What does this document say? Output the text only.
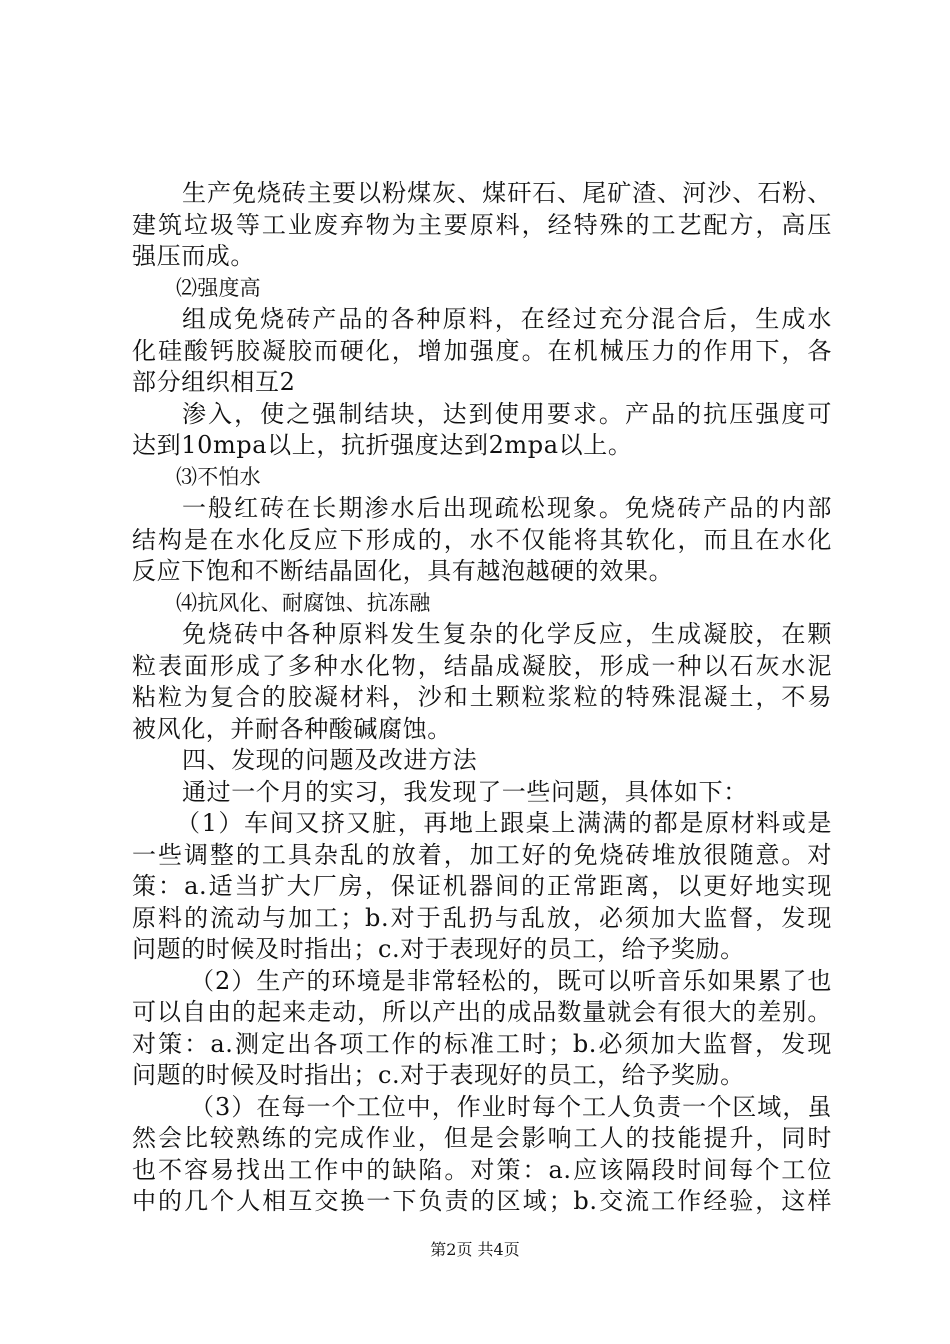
生产免烧砖主要以粉煤灰、煤矸石、尾矿渣、河沙、石粉、
建筑垃圾等工业废弃物为主要原料，经特殊的工艺配方，高压
强压而成。
⑵强度高
组成免烧砖产品的各种原料，在经过充分混合后，生成水
化硅酸钙胶凝胶而硬化，增加强度。在机械压力的作用下，各
部分组织相互2
渗入，使之强制结块，达到使用要求。产品的抗压强度可
达到10mpa以上，抗折强度达到2mpa以上。
⑶不怕水
一般红砖在长期渗水后出现疏松现象。免烧砖产品的内部
结构是在水化反应下形成的，水不仅能将其软化，而且在水化
反应下饱和不断结晶固化，具有越泡越硬的效果。
⑷抗风化、耐腐蚀、抗冻融
免烧砖中各种原料发生复杂的化学反应，生成凝胶，在颗
粒表面形成了多种水化物，结晶成凝胶，形成一种以石灰水泥
粘粒为复合的胶凝材料，沙和土颗粒浆粒的特殊混凝土，不易
被风化，并耐各种酸碱腐蚀。
四、发现的问题及改进方法
通过一个月的实习，我发现了一些问题，具体如下：
（1）车间又挤又脏，再地上跟桌上满满的都是原材料或是
一些调整的工具杂乱的放着，加工好的免烧砖堆放很随意。对
策：a.适当扩大厂房，保证机器间的正常距离，以更好地实现
原料的流动与加工；b.对于乱扔与乱放，必须加大监督，发现
问题的时候及时指出；c.对于表现好的员工，给予奖励。
（2）生产的环境是非常轻松的，既可以听音乐如果累了也
可以自由的起来走动，所以产出的成品数量就会有很大的差别。
对策：a.测定出各项工作的标准工时；b.必须加大监督，发现
问题的时候及时指出；c.对于表现好的员工，给予奖励。
（3）在每一个工位中，作业时每个工人负责一个区域，虽
然会比较熟练的完成作业，但是会影响工人的技能提升，同时
也不容易找出工作中的缺陷。对策：a.应该隔段时间每个工位
中的几个人相互交换一下负责的区域；b.交流工作经验，这样
第2页 共4页
